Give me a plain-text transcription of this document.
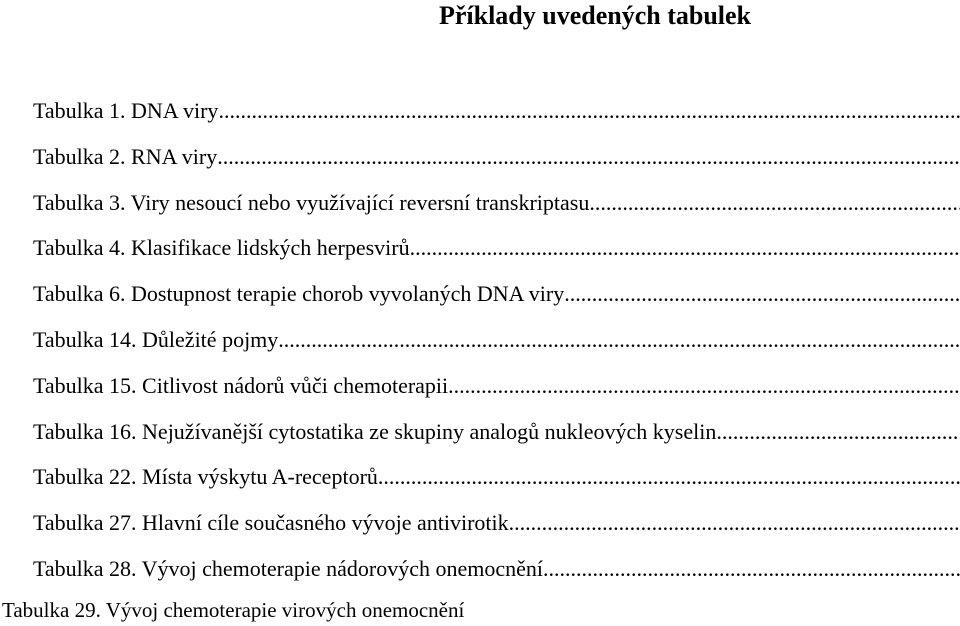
Příklady uvedených tabulek
Tabulka 1. DNA viry
.....
Tabulka 2. RNA viry
.....
Tabulka 3. Viry nesoucí nebo využívající reversní transkriptasu
.....
Tabulka 4. Klasifikace lidských herpesvirů
.....
Tabulka 6. Dostupnost terapie chorob vyvolaných DNA viry
.....
Tabulka 14. Důležité pojmy
.....
Tabulka 15. Citlivost nádorů vůči chemoterapii
.....
Tabulka 16. Nejužívanější cytostatika ze skupiny analogů nukleových kyselin
.....
Tabulka 22. Místa výskytu A-receptorů
.....
Tabulka 27. Hlavní cíle současného vývoje antivirotik
.....
Tabulka 28. Vývoj chemoterapie nádorových onemocnění
.....
Tabulka 29. Vývoj chemoterapie virových onemocnění
